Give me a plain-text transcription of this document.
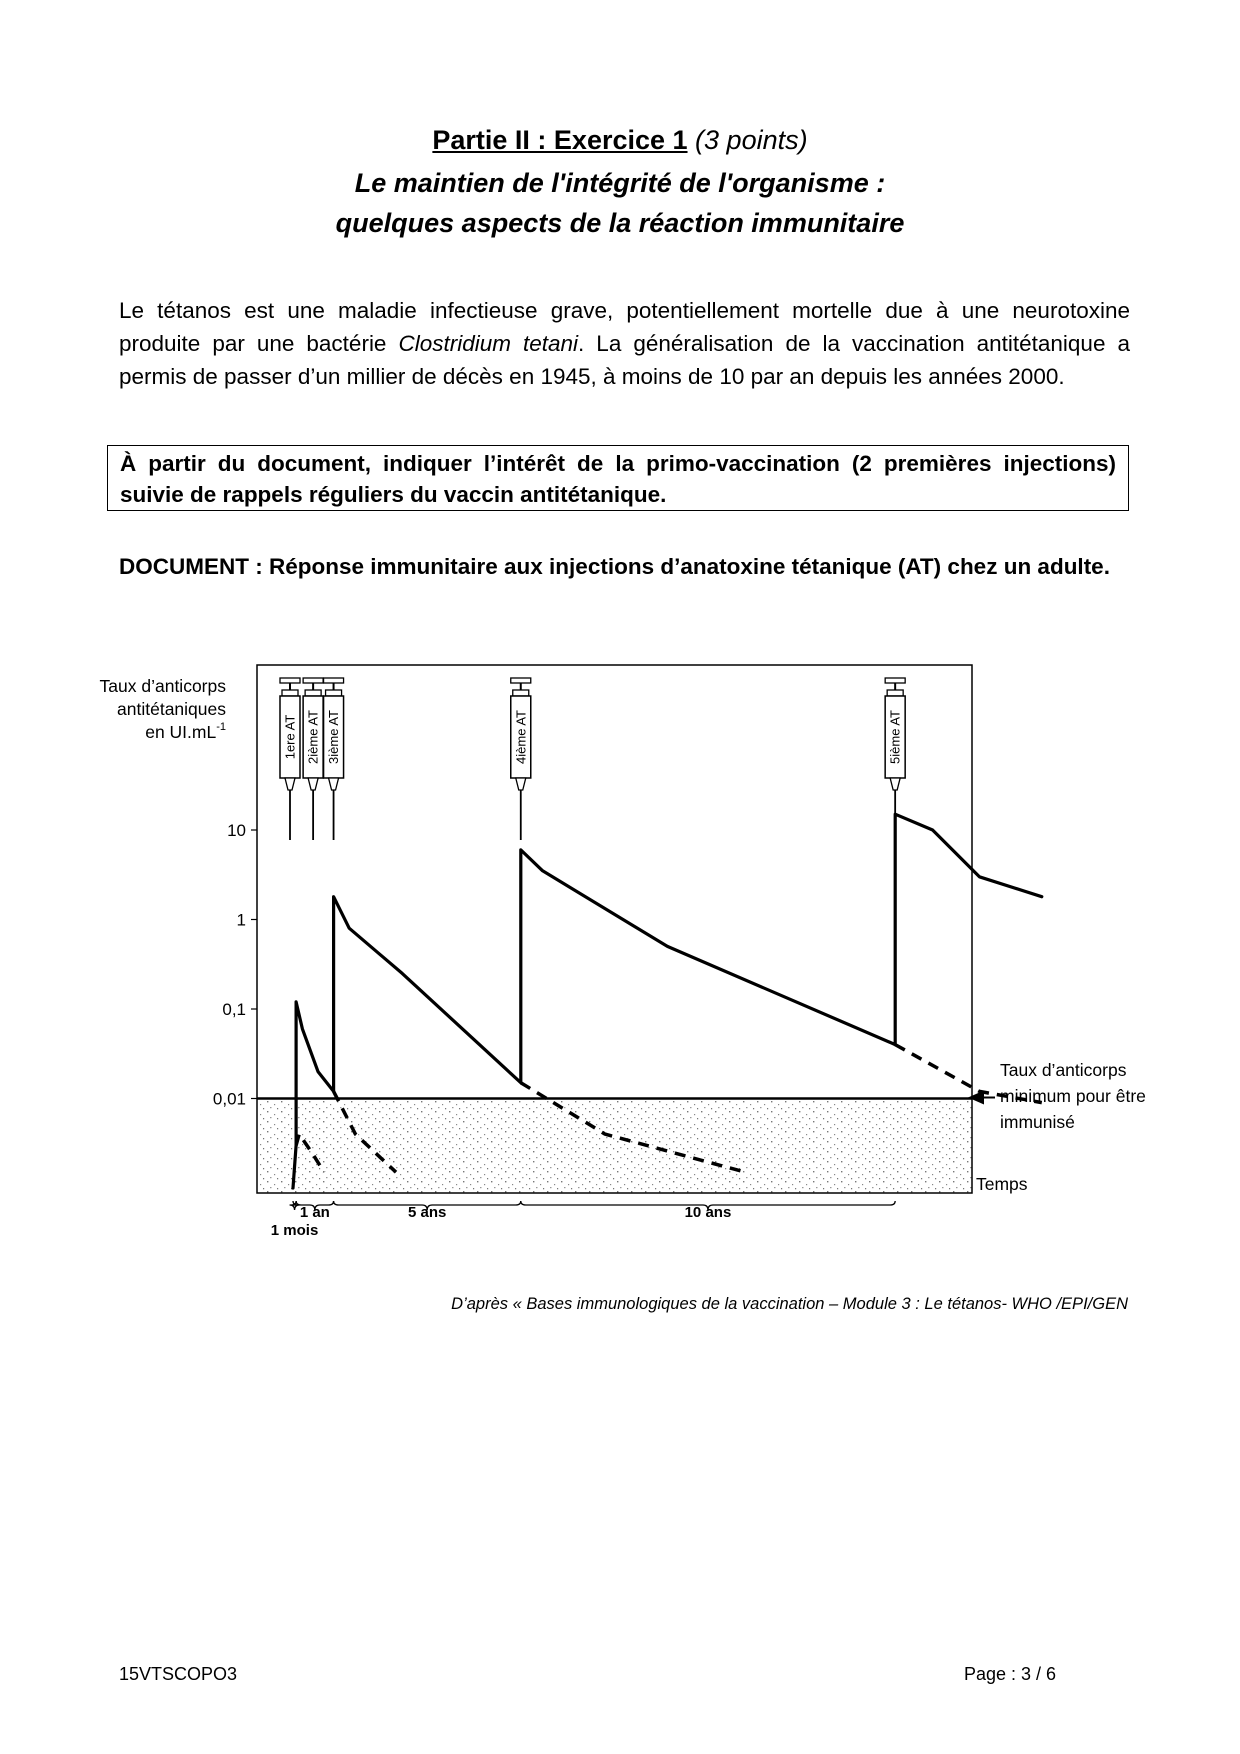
Partie II : Exercice 1 (3 points)
Le maintien de l'intégrité de l'organisme :
quelques aspects de la réaction immunitaire
Le tétanos est une maladie infectieuse grave, potentiellement mortelle due à une neurotoxine produite par une bactérie Clostridium tetani. La généralisation de la vaccination antitétanique a permis de passer d’un millier de décès en 1945, à moins de 10 par an depuis les années 2000.
À partir du document, indiquer l’intérêt de la primo-vaccination (2 premières injections) suivie de rappels réguliers du vaccin antitétanique.
DOCUMENT : Réponse immunitaire aux injections d’anatoxine tétanique (AT) chez un adulte.
10
1
0,1
0,01
Taux d’anticorps
antitétaniques
en $UI.mL^{-1}$
Temps
Taux d’anticorps
minimum pour être
immunisé
1ere AT 2ième AT 3ième AT	4ième AT	5ième AT
1 mois
1 an	5 ans	10 ans
D’après « Bases immunologiques de la vaccination – Module 3 : Le tétanos- WHO /EPI/GEN
15VTSCOPO3	Page : 3 / 6
